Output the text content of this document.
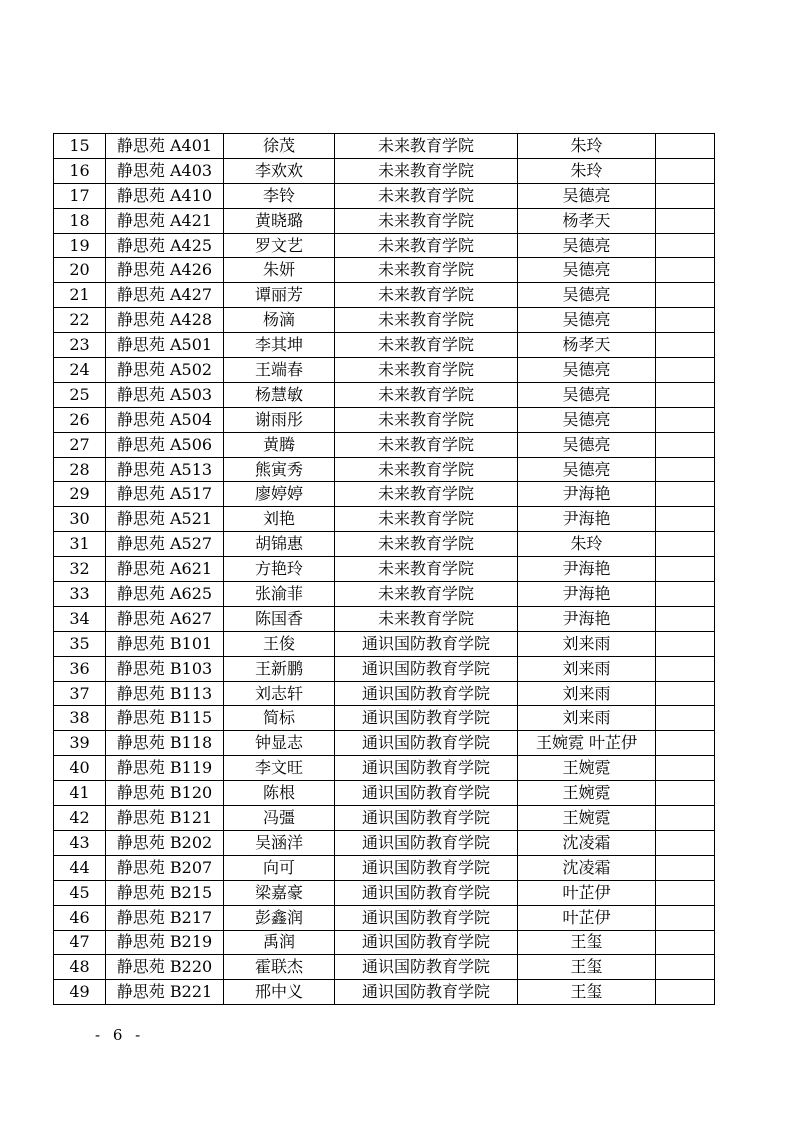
15	静思苑 A401	徐茂	未来教育学院	朱玲	
16	静思苑 A403	李欢欢	未来教育学院	朱玲	
17	静思苑 A410	李铃	未来教育学院	吴德亮	
18	静思苑 A421	黄晓璐	未来教育学院	杨孝天	
19	静思苑 A425	罗文艺	未来教育学院	吴德亮	
20	静思苑 A426	朱妍	未来教育学院	吴德亮	
21	静思苑 A427	谭丽芳	未来教育学院	吴德亮	
22	静思苑 A428	杨滴	未来教育学院	吴德亮	
23	静思苑 A501	李其坤	未来教育学院	杨孝天	
24	静思苑 A502	王端春	未来教育学院	吴德亮	
25	静思苑 A503	杨慧敏	未来教育学院	吴德亮	
26	静思苑 A504	谢雨彤	未来教育学院	吴德亮	
27	静思苑 A506	黄腾	未来教育学院	吴德亮	
28	静思苑 A513	熊寅秀	未来教育学院	吴德亮	
29	静思苑 A517	廖婷婷	未来教育学院	尹海艳	
30	静思苑 A521	刘艳	未来教育学院	尹海艳	
31	静思苑 A527	胡锦惠	未来教育学院	朱玲	
32	静思苑 A621	方艳玲	未来教育学院	尹海艳	
33	静思苑 A625	张渝菲	未来教育学院	尹海艳	
34	静思苑 A627	陈国香	未来教育学院	尹海艳	
35	静思苑 B101	王俊	通识国防教育学院	刘来雨	
36	静思苑 B103	王新鹏	通识国防教育学院	刘来雨	
37	静思苑 B113	刘志轩	通识国防教育学院	刘来雨	
38	静思苑 B115	简标	通识国防教育学院	刘来雨	
39	静思苑 B118	钟显志	通识国防教育学院	王婉霓 叶芷伊	
40	静思苑 B119	李文旺	通识国防教育学院	王婉霓	
41	静思苑 B120	陈根	通识国防教育学院	王婉霓	
42	静思苑 B121	冯彊	通识国防教育学院	王婉霓	
43	静思苑 B202	吴涵洋	通识国防教育学院	沈凌霜	
44	静思苑 B207	向可	通识国防教育学院	沈凌霜	
45	静思苑 B215	梁嘉豪	通识国防教育学院	叶芷伊	
46	静思苑 B217	彭鑫润	通识国防教育学院	叶芷伊	
47	静思苑 B219	禹润	通识国防教育学院	王玺	
48	静思苑 B220	霍联杰	通识国防教育学院	王玺	
49	静思苑 B221	邢中义	通识国防教育学院	王玺	
- 6 -
